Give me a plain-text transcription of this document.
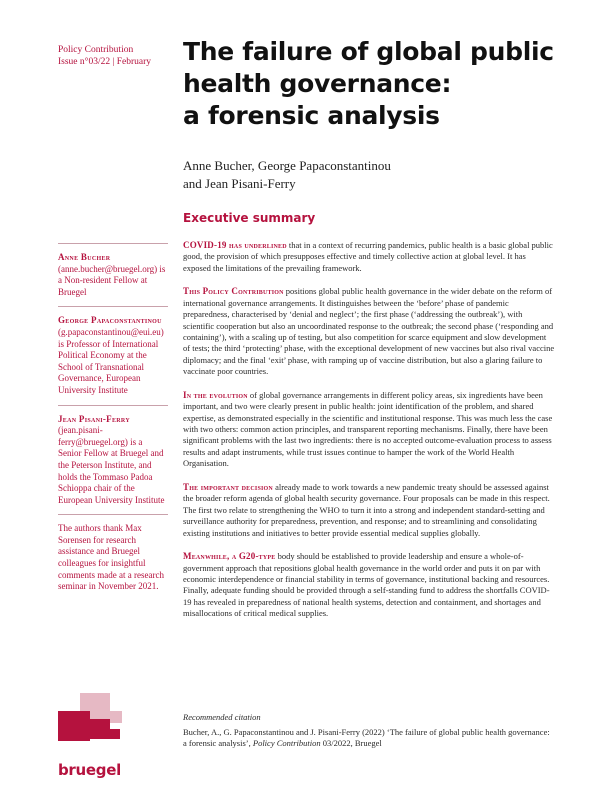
Policy Contribution
Issue n°03/22 | February	The failure of global public
health governance:
a forensic analysis
Anne Bucher, George Papaconstantinou
and Jean Pisani-Ferry
Executive summary
Anne Bucher (anne.bucher@bruegel.org) is a Non-resident Fellow at Bruegel
George Papaconstantinou (g.papaconstantinou@eui.eu) is Professor of International Political Economy at the School of Transnational Governance, European University Institute
Jean Pisani-Ferry (jean.pisani-ferry@bruegel.org) is a Senior Fellow at Bruegel and the Peterson Institute, and holds the Tommaso Padoa Schioppa chair of the European University Institute
The authors thank Max Sorensen for research assistance and Bruegel colleagues for insightful comments made at a research seminar in November 2021.

COVID-19 has underlined that in a context of recurring pandemics, public health is a basic global public good, the provision of which presupposes effective and timely collective action at global level. It has exposed the limitations of the prevailing framework.

This Policy Contribution positions global public health governance in the wider debate on the reform of international governance arrangements. It distinguishes between the ‘before’ phase of pandemic preparedness, characterised by ‘denial and neglect’; the first phase (‘addressing the outbreak’), with scientific cooperation but also an uncoordinated response to the outbreak; the second phase (‘responding and containing’), with a scaling up of testing, but also competition for scarce equipment and slow development of tests; the third ‘protecting’ phase, with the exceptional development of new vaccines but also rival vaccine diplomacy; and the final ‘exit’ phase, with ramping up of vaccine distribution, but also a glaring failure to vaccinate poor countries.

In the evolution of global governance arrangements in different policy areas, six ingredients have been important, and two were clearly present in public health: joint identification of the problem, and shared expertise, as demonstrated especially in the scientific and institutional response. This was much less the case with two others: common action principles, and transparent reporting mechanisms. Finally, there have been significant problems with the last two ingredients: there is no accepted outcome-evaluation process to assess results and adapt instruments, while trust issues continue to hamper the work of the World Health Organisation.

The important decision already made to work towards a new pandemic treaty should be assessed against the broader reform agenda of global health security governance. Four proposals can be made in this respect. The first two relate to strengthening the WHO to turn it into a strong and independent standard-setting and surveillance authority for preparedness, prevention, and response; and to streamlining and consolidating existing institutions and initiatives to better provide essential medical supplies globally.

Meanwhile, a G20-type body should be established to provide leadership and ensure a whole-of-government approach that repositions global health governance in the world order and puts it on par with economic interdependence or financial stability in terms of governance, institutional backing and resources. Finally, adequate funding should be provided through a self-standing fund to address the shortfalls COVID-19 has revealed in preparedness of national health systems, detection and containment, and shortages and misallocations of critical medical supplies.

Recommended citation
Bucher, A., G. Papaconstantinou and J. Pisani-Ferry (2022) ‘The failure of global public health governance: a forensic analysis’, Policy Contribution 03/2022, Bruegel
bruegel
